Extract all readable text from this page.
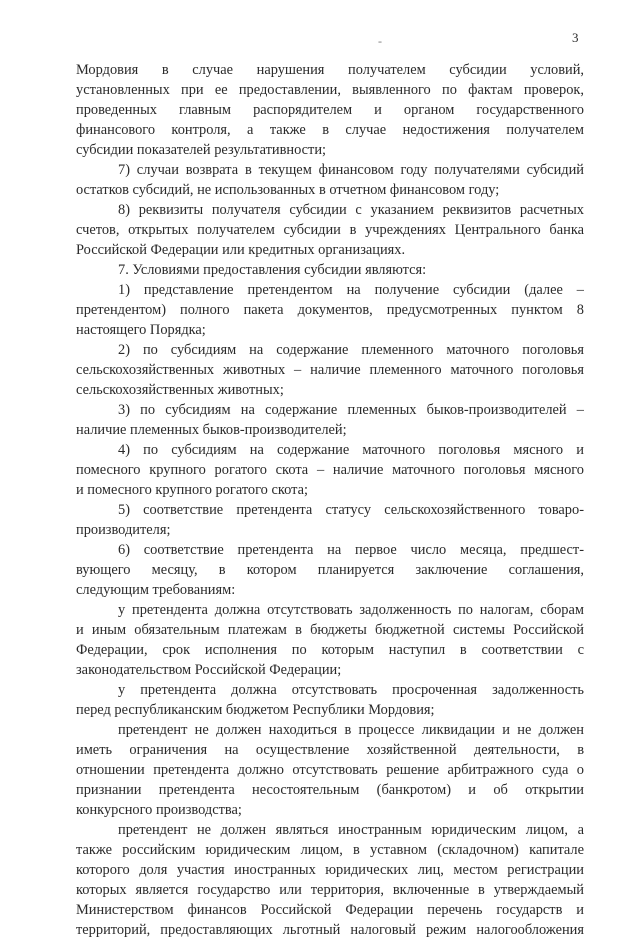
-	3
Мордовия в случае нарушения получателем субсидии условий,
установленных при ее предоставлении, выявленного по фактам проверок,
проведенных главным распорядителем и органом государственного
финансового контроля, а также в случае недостижения получателем
субсидии показателей результативности;
7) случаи возврата в текущем финансовом году получателями субсидий
остатков субсидий, не использованных в отчетном финансовом году;
8) реквизиты получателя субсидии с указанием реквизитов расчетных
счетов, открытых получателем субсидии в учреждениях Центрального банка
Российской Федерации или кредитных организациях.
7. Условиями предоставления субсидии являются:
1) представление претендентом на получение субсидии (далее –
претендентом) полного пакета документов, предусмотренных пунктом 8
настоящего Порядка;
2) по субсидиям на содержание племенного маточного поголовья
сельскохозяйственных животных – наличие племенного маточного поголовья
сельскохозяйственных животных;
3) по субсидиям на содержание племенных быков-производителей –
наличие племенных быков-производителей;
4) по субсидиям на содержание маточного поголовья мясного и
помесного крупного рогатого скота – наличие маточного поголовья мясного
и помесного крупного рогатого скота;
5) соответствие претендента статусу сельскохозяйственного товаро-
производителя;
6) соответствие претендента на первое число месяца, предшест-
вующего месяцу, в котором планируется заключение соглашения,
следующим требованиям:
у претендента должна отсутствовать задолженность по налогам, сборам
и иным обязательным платежам в бюджеты бюджетной системы Российской
Федерации, срок исполнения по которым наступил в соответствии с
законодательством Российской Федерации;
у претендента должна отсутствовать просроченная задолженность
перед республиканским бюджетом Республики Мордовия;
претендент не должен находиться в процессе ликвидации и не должен
иметь ограничения на осуществление хозяйственной деятельности, в
отношении претендента должно отсутствовать решение арбитражного суда о
признании претендента несостоятельным (банкротом) и об открытии
конкурсного производства;
претендент не должен являться иностранным юридическим лицом, а
также российским юридическим лицом, в уставном (складочном) капитале
которого доля участия иностранных юридических лиц, местом регистрации
которых является государство или территория, включенные в утверждаемый
Министерством финансов Российской Федерации перечень государств и
территорий, предоставляющих льготный налоговый режим налогообложения
